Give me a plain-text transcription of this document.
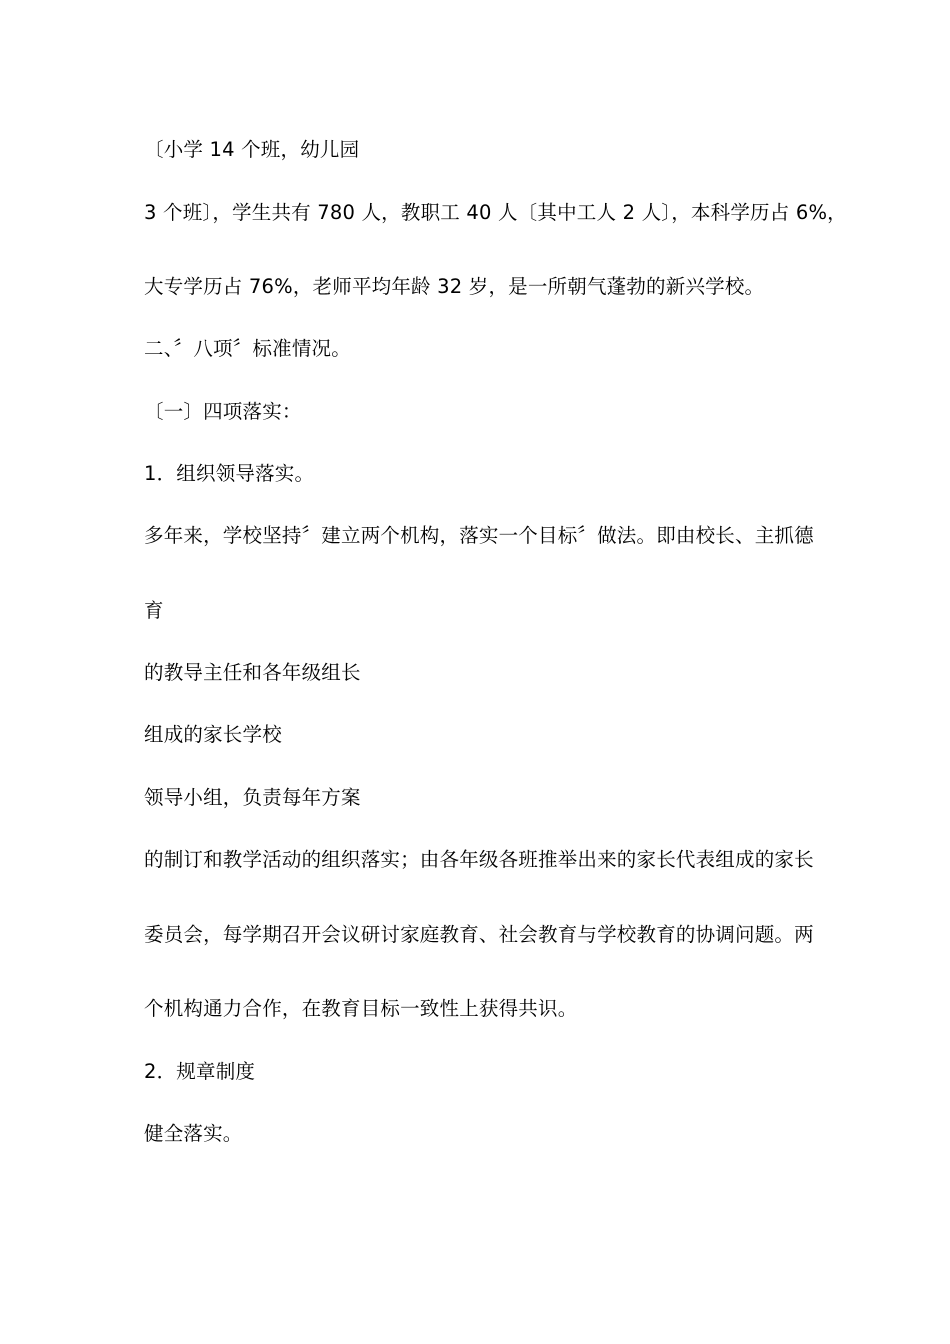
〔小学 14 个班，幼儿园
3 个班〕，学生共有 780 人，教职工 40 人〔其中工人 2 人〕，本科学历占 6%，
大专学历占 76%，老师平均年龄 32 岁，是一所朝气蓬勃的新兴学校。
二、〞八项〞标准情况。
〔一〕四项落实：
1．组织领导落实。
多年来，学校坚持〞建立两个机构，落实一个目标〞做法。即由校长、主抓德
育
的教导主任和各年级组长
组成的家长学校
领导小组，负责每年方案
的制订和教学活动的组织落实；由各年级各班推举出来的家长代表组成的家长
委员会，每学期召开会议研讨家庭教育、社会教育与学校教育的协调问题。两
个机构通力合作，在教育目标一致性上获得共识。
2．规章制度
健全落实。
